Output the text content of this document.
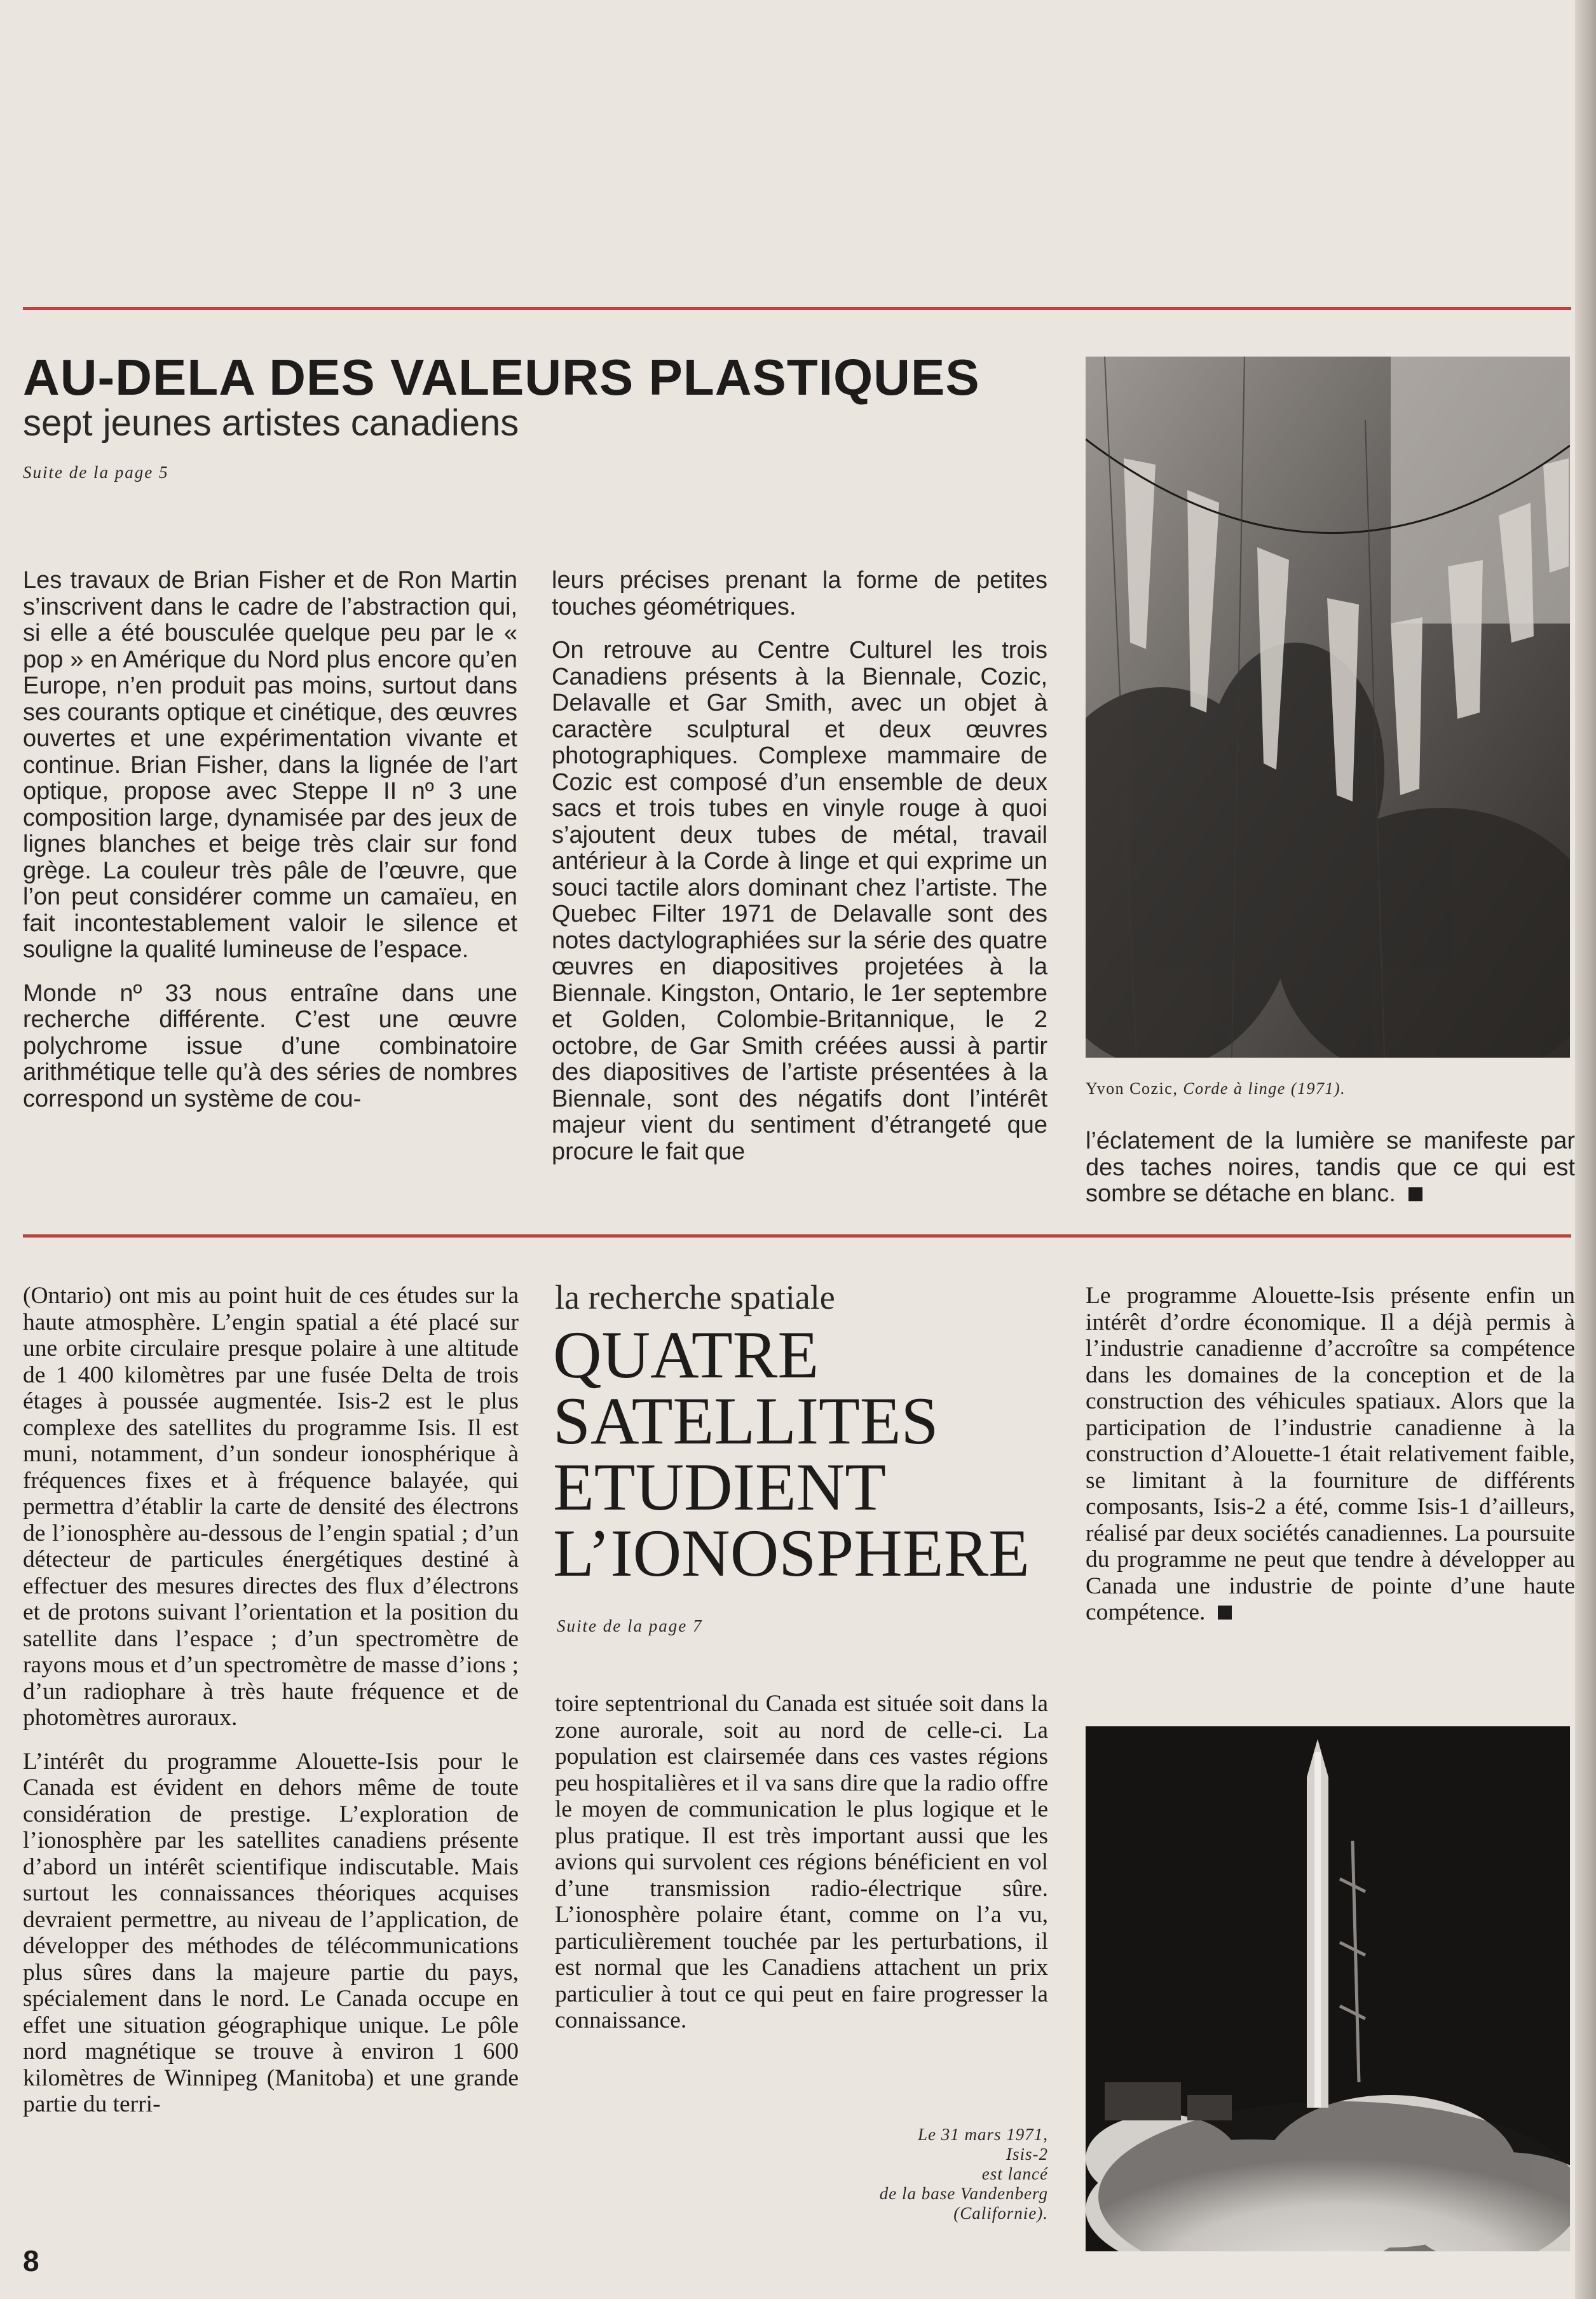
AU-DELA DES VALEURS PLASTIQUES
sept jeunes artistes canadiens
Suite de la page 5

Les travaux de Brian Fisher et de Ron Martin s’inscrivent dans le cadre de l’abstraction qui, si elle a été bousculée quelque peu par le « pop » en Amérique du Nord plus encore qu’en Europe, n’en produit pas moins, surtout dans ses courants optique et cinétique, des œuvres ouvertes et une expérimentation vivante et continue. Brian Fisher, dans la lignée de l’art optique, propose avec Steppe II nº 3 une composition large, dynamisée par des jeux de lignes blanches et beige très clair sur fond grège. La couleur très pâle de l’œuvre, que l’on peut considérer comme un camaïeu, en fait incontestablement valoir le silence et souligne la qualité lumineuse de l’espace.

Monde nº 33 nous entraîne dans une recherche différente. C’est une œuvre polychrome issue d’une combinatoire arithmétique telle qu’à des séries de nombres correspond un système de cou-

leurs précises prenant la forme de petites touches géométriques.

On retrouve au Centre Culturel les trois Canadiens présents à la Biennale, Cozic, Delavalle et Gar Smith, avec un objet à caractère sculptural et deux œuvres photographiques. Complexe mammaire de Cozic est composé d’un ensemble de deux sacs et trois tubes en vinyle rouge à quoi s’ajoutent deux tubes de métal, travail antérieur à la Corde à linge et qui exprime un souci tactile alors dominant chez l’artiste. The Quebec Filter 1971 de Delavalle sont des notes dactylographiées sur la série des quatre œuvres en diapositives projetées à la Biennale. Kingston, Ontario, le 1er septembre et Golden, Colombie-Britannique, le 2 octobre, de Gar Smith créées aussi à partir des diapositives de l’artiste présentées à la Biennale, sont des négatifs dont l’intérêt majeur vient du sentiment d’étrangeté que procure le fait que

Yvon Cozic, Corde à linge (1971).
l’éclatement de la lumière se manifeste par des taches noires, tandis que ce qui est sombre se détache en blanc.

(Ontario) ont mis au point huit de ces études sur la haute atmosphère. L’engin spatial a été placé sur une orbite circulaire presque polaire à une altitude de 1 400 kilomètres par une fusée Delta de trois étages à poussée augmentée. Isis-2 est le plus complexe des satellites du programme Isis. Il est muni, notamment, d’un sondeur ionosphérique à fréquences fixes et à fréquence balayée, qui permettra d’établir la carte de densité des électrons de l’ionosphère au-dessous de l’engin spatial ; d’un détecteur de particules énergétiques destiné à effectuer des mesures directes des flux d’électrons et de protons suivant l’orientation et la position du satellite dans l’espace ; d’un spectromètre de rayons mous et d’un spectromètre de masse d’ions ; d’un radiophare à très haute fréquence et de photomètres auroraux.

L’intérêt du programme Alouette-Isis pour le Canada est évident en dehors même de toute considération de prestige. L’exploration de l’ionosphère par les satellites canadiens présente d’abord un intérêt scientifique indiscutable. Mais surtout les connaissances théoriques acquises devraient permettre, au niveau de l’application, de développer des méthodes de télécommunications plus sûres dans la majeure partie du pays, spécialement dans le nord. Le Canada occupe en effet une situation géographique unique. Le pôle nord magnétique se trouve à environ 1 600 kilomètres de Winnipeg (Manitoba) et une grande partie du terri-

la recherche spatiale
QUATRE SATELLITES ETUDIENT L’IONOSPHERE
Suite de la page 7
toire septentrional du Canada est située soit dans la zone aurorale, soit au nord de celle-ci. La population est clairsemée dans ces vastes régions peu hospitalières et il va sans dire que la radio offre le moyen de communication le plus logique et le plus pratique. Il est très important aussi que les avions qui survolent ces régions bénéficient en vol d’une transmission radio-électrique sûre. L’ionosphère polaire étant, comme on l’a vu, particulièrement touchée par les perturbations, il est normal que les Canadiens attachent un prix particulier à tout ce qui peut en faire progresser la connaissance.
Le 31 mars 1971,
Isis-2
est lancé
de la base Vandenberg
(Californie).
Le programme Alouette-Isis présente enfin un intérêt d’ordre économique. Il a déjà permis à l’industrie canadienne d’accroître sa compétence dans les domaines de la conception et de la construction des véhicules spatiaux. Alors que la participation de l’industrie canadienne à la construction d’Alouette-1 était relativement faible, se limitant à la fourniture de différents composants, Isis-2 a été, comme Isis-1 d’ailleurs, réalisé par deux sociétés canadiennes. La poursuite du programme ne peut que tendre à développer au Canada une industrie de pointe d’une haute compétence.
8
